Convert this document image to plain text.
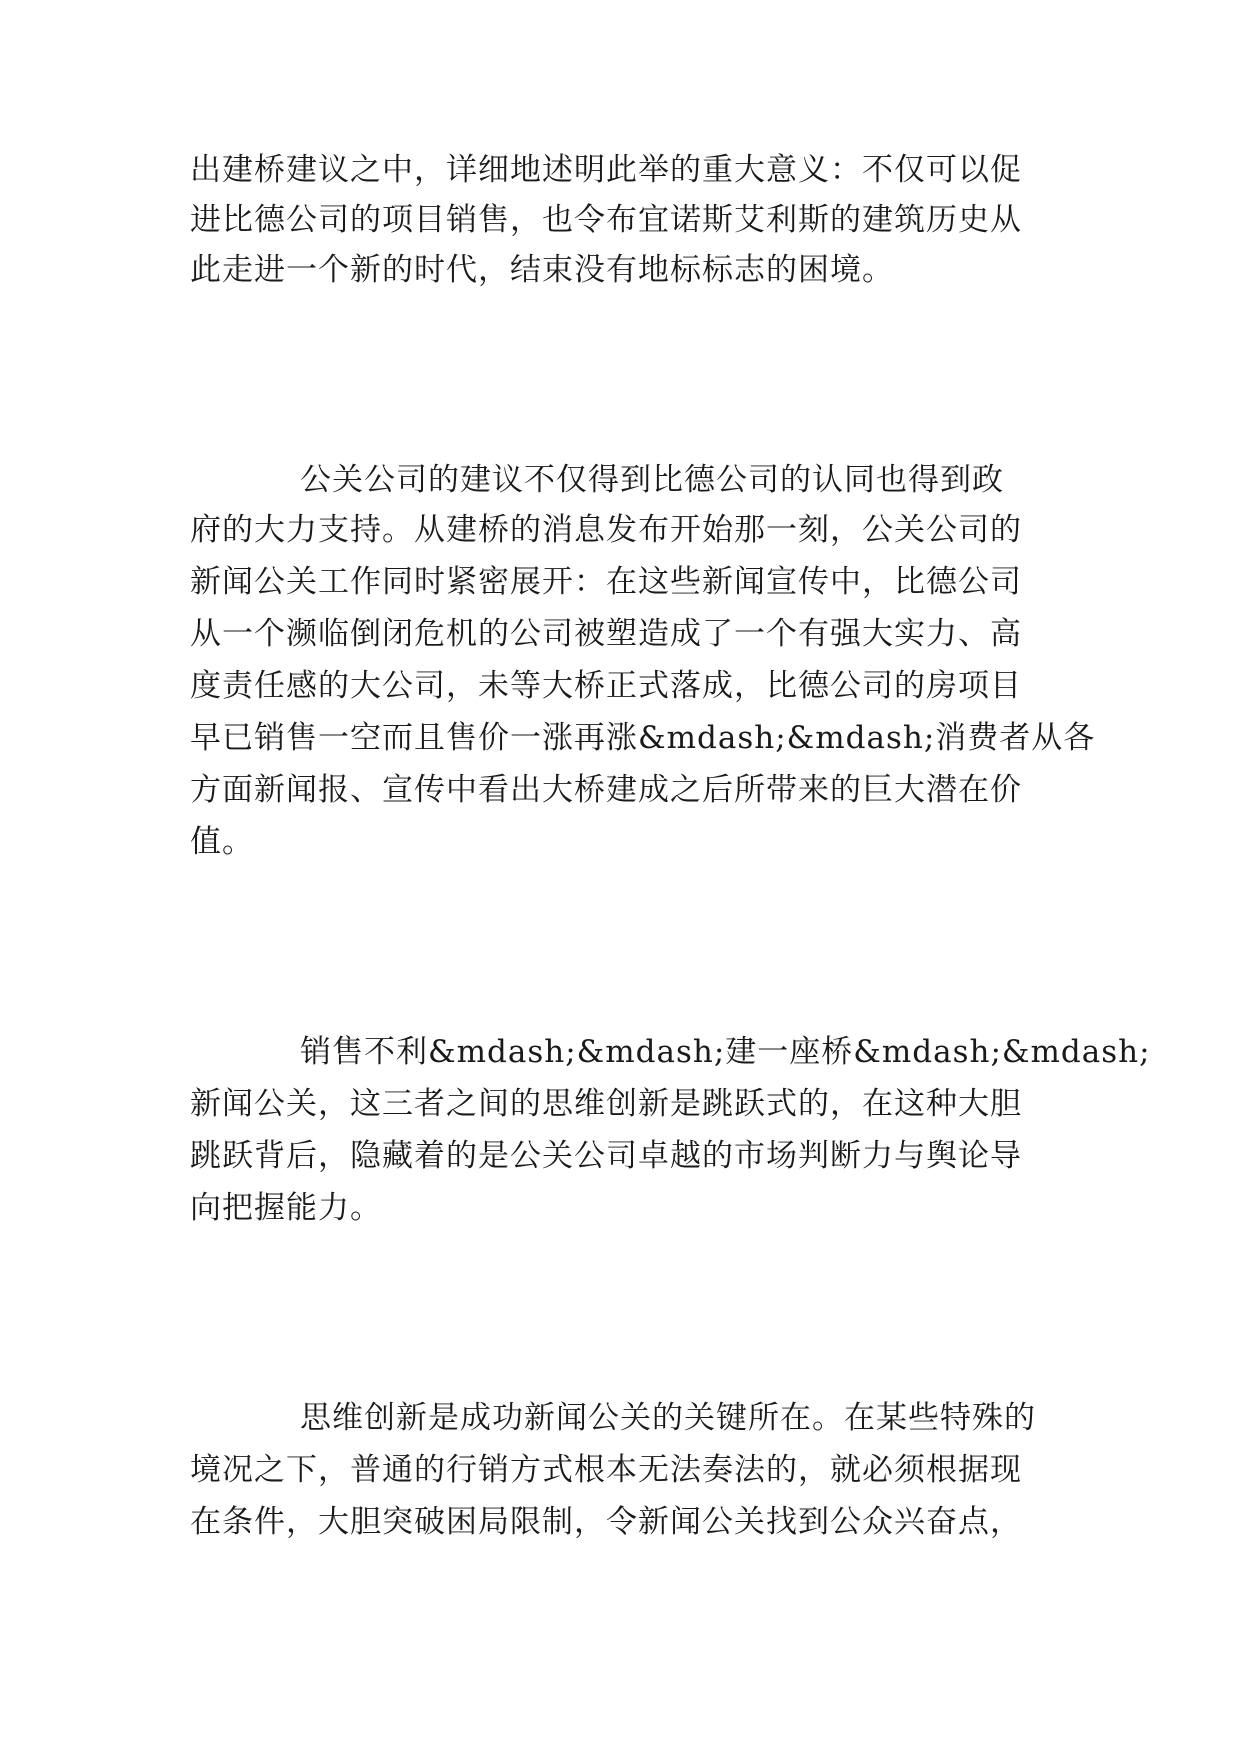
出建桥建议之中，详细地述明此举的重大意义：不仅可以促

进比德公司的项目销售，也令布宜诺斯艾利斯的建筑历史从

此走进一个新的时代，结束没有地标标志的困境。

公关公司的建议不仅得到比德公司的认同也得到政

府的大力支持。从建桥的消息发布开始那一刻，公关公司的

新闻公关工作同时紧密展开：在这些新闻宣传中，比德公司

从一个濒临倒闭危机的公司被塑造成了一个有强大实力、高

度责任感的大公司，未等大桥正式落成，比德公司的房项目

早已销售一空而且售价一涨再涨&mdash;&mdash;消费者从各

方面新闻报、宣传中看出大桥建成之后所带来的巨大潜在价

值。

销售不利&mdash;&mdash;建一座桥&mdash;&mdash;

新闻公关，这三者之间的思维创新是跳跃式的，在这种大胆

跳跃背后，隐藏着的是公关公司卓越的市场判断力与舆论导

向把握能力。

思维创新是成功新闻公关的关键所在。在某些特殊的

境况之下，普通的行销方式根本无法奏法的，就必须根据现

在条件，大胆突破困局限制，令新闻公关找到公众兴奋点，
